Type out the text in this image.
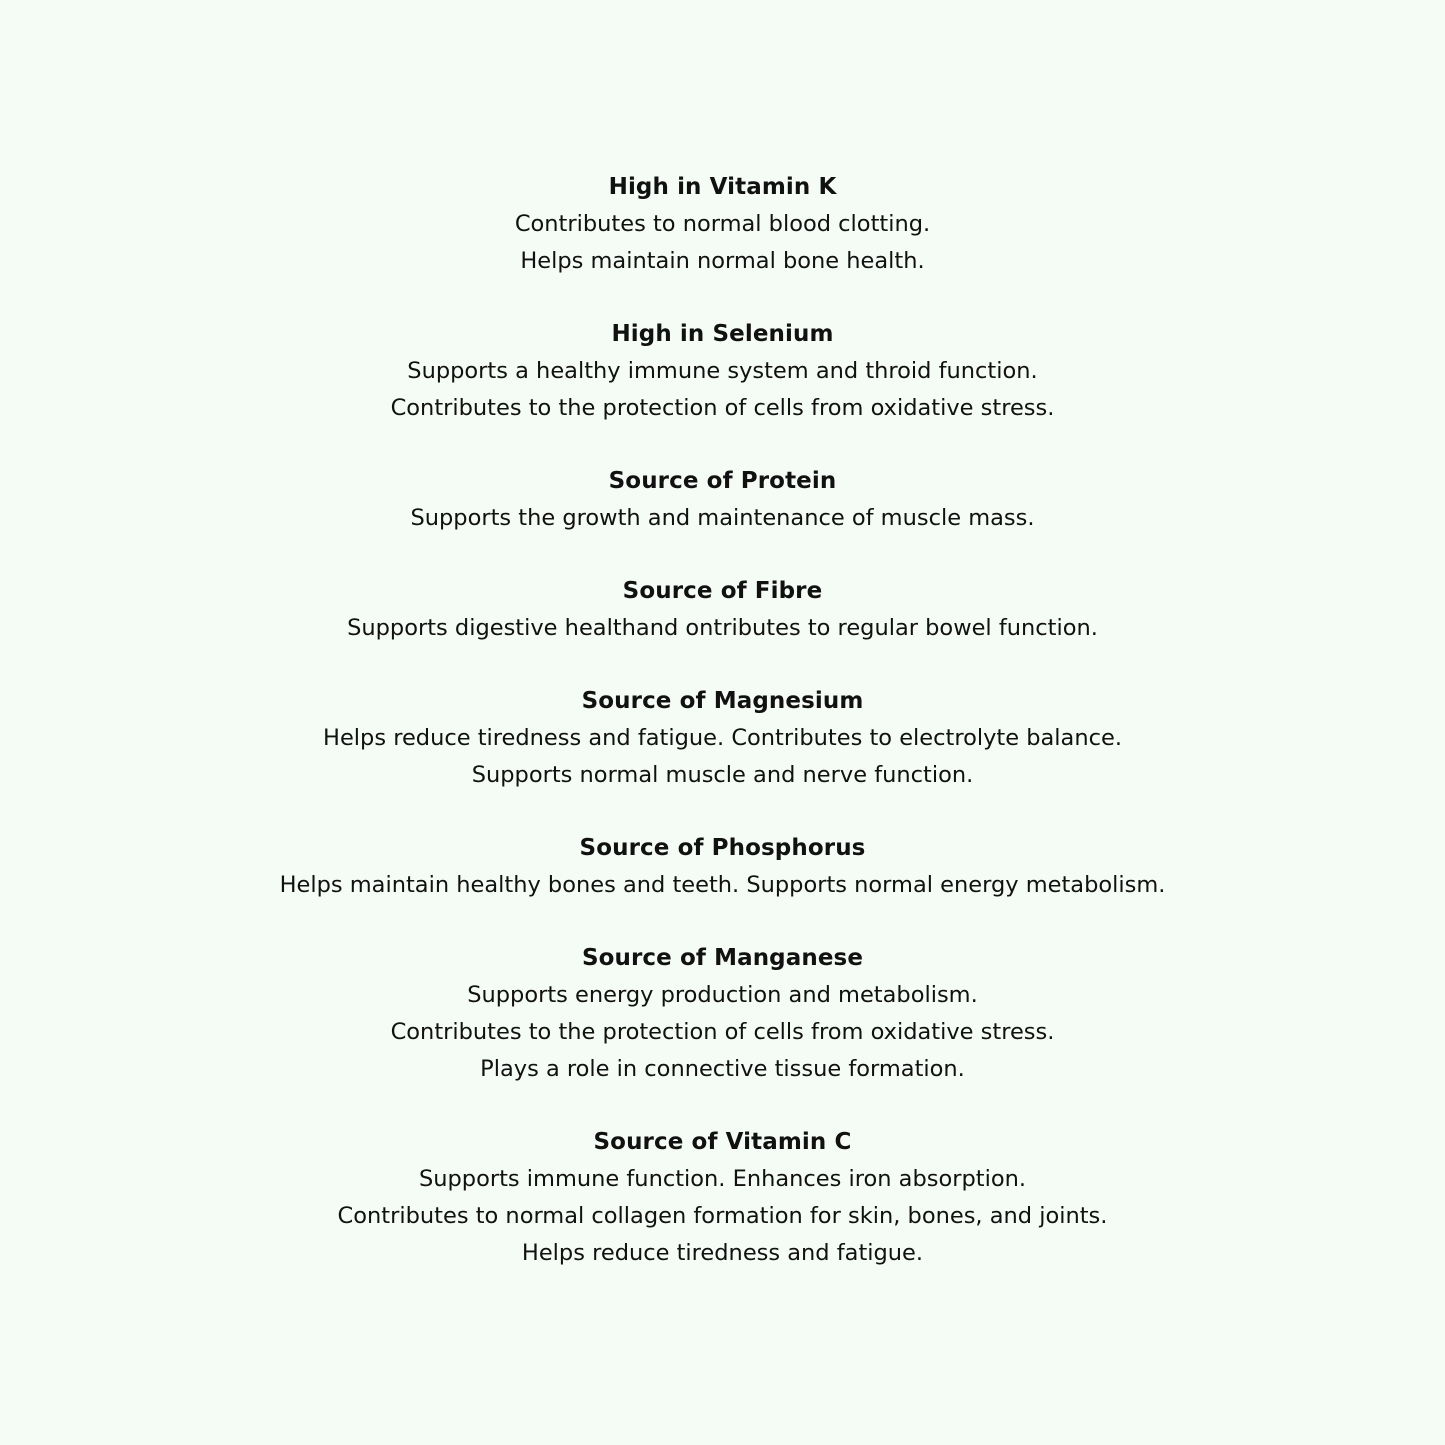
High in Vitamin K

Contributes to normal blood clotting.

Helps maintain normal bone health.

High in Selenium

Supports a healthy immune system and throid function.

Contributes to the protection of cells from oxidative stress.

Source of Protein

Supports the growth and maintenance of muscle mass.

Source of Fibre

Supports digestive healthand ontributes to regular bowel function.

Source of Magnesium

Helps reduce tiredness and fatigue. Contributes to electrolyte balance.

Supports normal muscle and nerve function.

Source of Phosphorus

Helps maintain healthy bones and teeth. Supports normal energy metabolism.

Source of Manganese

Supports energy production and metabolism.

Contributes to the protection of cells from oxidative stress.

Plays a role in connective tissue formation.

Source of Vitamin C

Supports immune function. Enhances iron absorption.

Contributes to normal collagen formation for skin, bones, and joints.

Helps reduce tiredness and fatigue.
